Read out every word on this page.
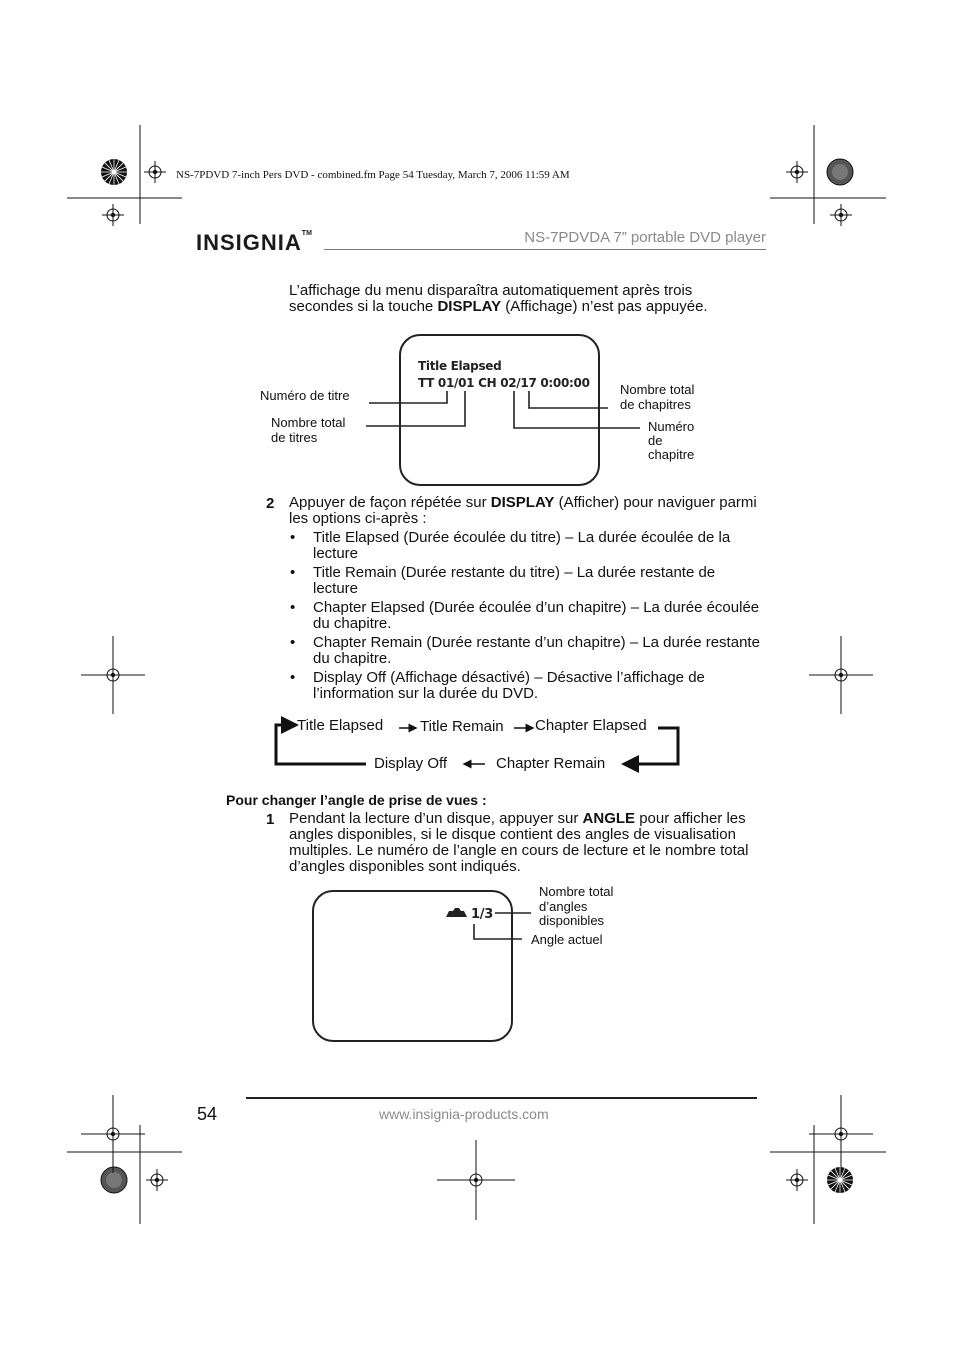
NS-7PDVD 7-inch Pers DVD - combined.fm Page 54 Tuesday, March 7, 2006 11:59 AM
INSIGNIA™	NS-7PDVDA 7” portable DVD player
L’affichage du menu disparaîtra automatiquement après trois secondes si la touche DISPLAY (Affichage) n’est pas appuyée.
Title Elapsed
TT 01/01 CH 02/17 0:00:00
Numéro de titre
Nombre total
de titres
Nombre total
de chapitres
Numéro
de
chapitre
2 Appuyer de façon répétée sur DISPLAY (Afficher) pour naviguer parmi les options ci-après :
• Title Elapsed (Durée écoulée du titre) – La durée écoulée de la lecture
• Title Remain (Durée restante du titre) – La durée restante de lecture
• Chapter Elapsed (Durée écoulée d’un chapitre) – La durée écoulée du chapitre.
• Chapter Remain (Durée restante d’un chapitre) – La durée restante du chapitre.
• Display Off (Affichage désactivé) – Désactive l’affichage de l’information sur la durée du DVD.
Title Elapsed Title Remain Chapter Elapsed
Chapter Remain
Display Off
Pour changer l’angle de prise de vues :
1 Pendant la lecture d’un disque, appuyer sur ANGLE pour afficher les angles disponibles, si le disque contient des angles de visualisation multiples. Le numéro de l’angle en cours de lecture et le nombre total d’angles disponibles sont indiqués.
1/3
Nombre total
d’angles
disponibles
Angle actuel
54	www.insignia-products.com
